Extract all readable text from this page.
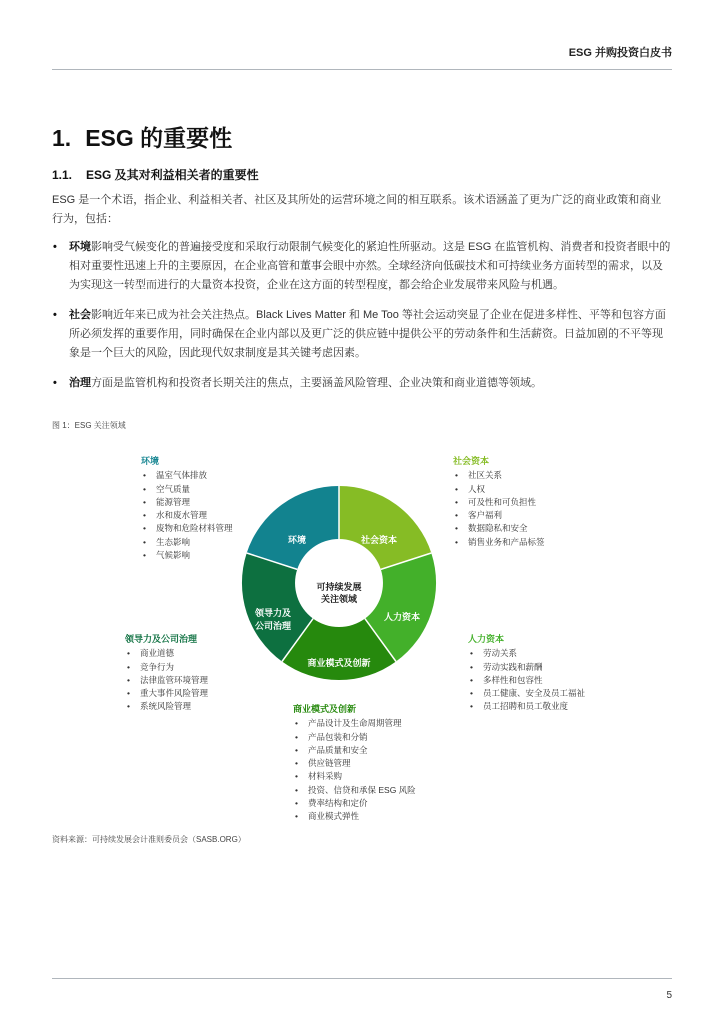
ESG 并购投资白皮书
1. ESG 的重要性
1.1. ESG 及其对利益相关者的重要性
ESG 是一个术语，指企业、利益相关者、社区及其所处的运营环境之间的相互联系。该术语涵盖了更为广泛的商业政策和商业行为，包括：
• 环境影响受气候变化的普遍接受度和采取行动限制气候变化的紧迫性所驱动。这是 ESG 在监管机构、消费者和投资者眼中的相对重要性迅速上升的主要原因，在企业高管和董事会眼中亦然。全球经济向低碳技术和可持续业务方面转型的需求，以及为实现这一转型而进行的大量资本投资，企业在这方面的转型程度，都会给企业发展带来风险与机遇。
• 社会影响近年来已成为社会关注热点。Black Lives Matter 和 Me Too 等社会运动突显了企业在促进多样性、平等和包容方面所必须发挥的重要作用，同时确保在企业内部以及更广泛的供应链中提供公平的劳动条件和生活薪资。日益加剧的不平等现象是一个巨大的风险，因此现代奴隶制度是其关键考虑因素。
• 治理方面是监管机构和投资者长期关注的焦点，主要涵盖风险管理、企业决策和商业道德等领域。
图 1：ESG 关注领域
可持续发展
关注领域
环境	社会资本
人力资本
商业模式及创新
领导力及
公司治理
环境
• 温室气体排放
• 空气质量
• 能源管理
• 水和废水管理
• 废物和危险材料管理
• 生态影响
• 气候影响
社会资本
• 社区关系
• 人权
• 可及性和可负担性
• 客户福利
• 数据隐私和安全
• 销售业务和产品标签
领导力及公司治理
• 商业道德
• 竞争行为
• 法律监管环境管理
• 重大事件风险管理
• 系统风险管理
人力资本
• 劳动关系
• 劳动实践和薪酬
• 多样性和包容性
• 员工健康、安全及员工福祉
• 员工招聘和员工敬业度
商业模式及创新
• 产品设计及生命周期管理
• 产品包装和分销
• 产品质量和安全
• 供应链管理
• 材料采购
• 投资、信贷和承保 ESG 风险
• 费率结构和定价
• 商业模式弹性
资料来源：可持续发展会计准则委员会（SASB.ORG）
5
